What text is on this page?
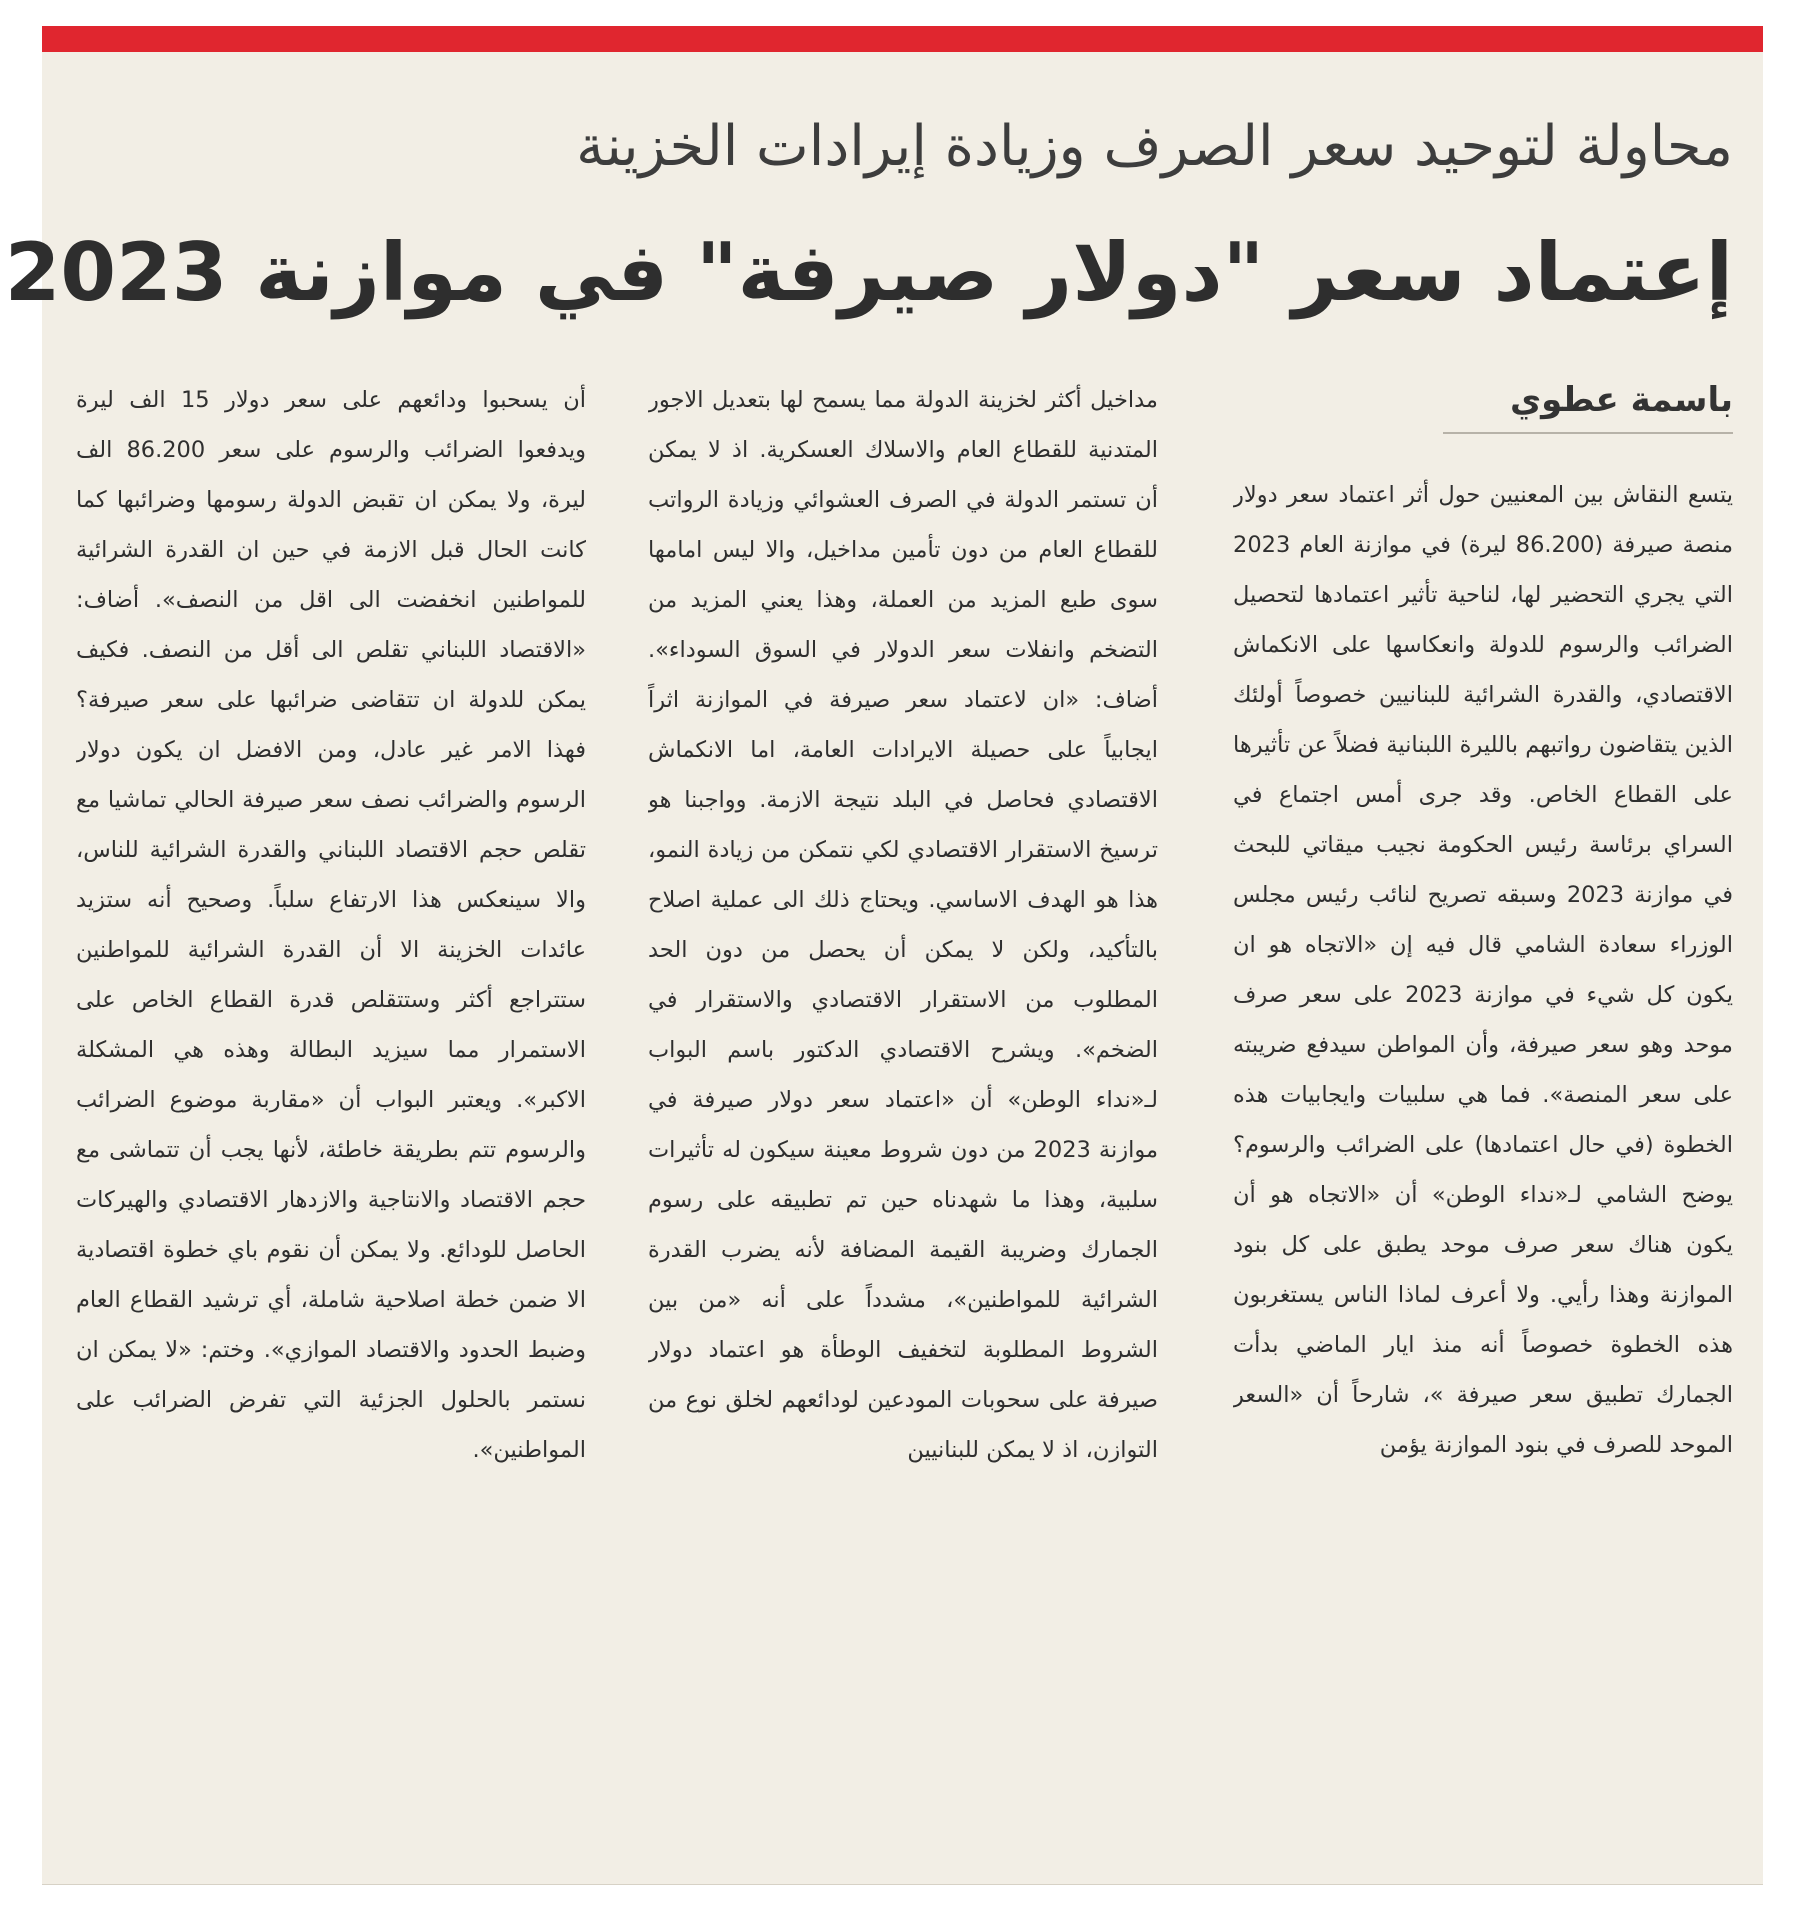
محاولة لتوحيد سعر الصرف وزيادة إيرادات الخزينة
إعتماد سعر "دولار صيرفة" في موازنة 2023
باسمة عطوي
يتسع النقاش بين المعنيين حول أثر اعتماد سعر دولار منصة صيرفة (86.200 ليرة) في موازنة العام 2023 التي يجري التحضير لها، لناحية تأثير اعتمادها لتحصيل الضرائب والرسوم للدولة وانعكاسها على الانكماش الاقتصادي، والقدرة الشرائية للبنانيين خصوصاً أولئك الذين يتقاضون رواتبهم بالليرة اللبنانية فضلاً عن تأثيرها على القطاع الخاص. وقد جرى أمس اجتماع في السراي برئاسة رئيس الحكومة نجيب ميقاتي للبحث في موازنة 2023 وسبقه تصريح لنائب رئيس مجلس الوزراء سعادة الشامي قال فيه إن «الاتجاه هو ان يكون كل شيء في موازنة 2023 على سعر صرف موحد وهو سعر صيرفة، وأن المواطن سيدفع ضريبته على سعر المنصة». فما هي سلبيات وايجابيات هذه الخطوة (في حال اعتمادها) على الضرائب والرسوم؟ يوضح الشامي لـ«نداء الوطن» أن «الاتجاه هو أن يكون هناك سعر صرف موحد يطبق على كل بنود الموازنة وهذا رأيي. ولا أعرف لماذا الناس يستغربون هذه الخطوة خصوصاً أنه منذ ايار الماضي بدأت الجمارك تطبيق سعر صيرفة »، شارحاً أن «السعر الموحد للصرف في بنود الموازنة يؤمن
مداخيل أكثر لخزينة الدولة مما يسمح لها بتعديل الاجور المتدنية للقطاع العام والاسلاك العسكرية. اذ لا يمكن أن تستمر الدولة في الصرف العشوائي وزيادة الرواتب للقطاع العام من دون تأمين مداخيل، والا ليس امامها سوى طبع المزيد من العملة، وهذا يعني المزيد من التضخم وانفلات سعر الدولار في السوق السوداء». أضاف: «ان لاعتماد سعر صيرفة في الموازنة اثراً ايجابياً على حصيلة الايرادات العامة، اما الانكماش الاقتصادي فحاصل في البلد نتيجة الازمة. وواجبنا هو ترسيخ الاستقرار الاقتصادي لكي نتمكن من زيادة النمو، هذا هو الهدف الاساسي. ويحتاج ذلك الى عملية اصلاح بالتأكيد، ولكن لا يمكن أن يحصل من دون الحد المطلوب من الاستقرار الاقتصادي والاستقرار في الضخم». ويشرح الاقتصادي الدكتور باسم البواب لـ«نداء الوطن» أن «اعتماد سعر دولار صيرفة في موازنة 2023 من دون شروط معينة سيكون له تأثيرات سلبية، وهذا ما شهدناه حين تم تطبيقه على رسوم الجمارك وضريبة القيمة المضافة لأنه يضرب القدرة الشرائية للمواطنين»، مشدداً على أنه «من بين الشروط المطلوبة لتخفيف الوطأة هو اعتماد دولار صيرفة على سحوبات المودعين لودائعهم لخلق نوع من التوازن، اذ لا يمكن للبنانيين
أن يسحبوا ودائعهم على سعر دولار 15 الف ليرة ويدفعوا الضرائب والرسوم على سعر 86.200 الف ليرة، ولا يمكن ان تقبض الدولة رسومها وضرائبها كما كانت الحال قبل الازمة في حين ان القدرة الشرائية للمواطنين انخفضت الى اقل من النصف». أضاف: «الاقتصاد اللبناني تقلص الى أقل من النصف. فكيف يمكن للدولة ان تتقاضى ضرائبها على سعر صيرفة؟ فهذا الامر غير عادل، ومن الافضل ان يكون دولار الرسوم والضرائب نصف سعر صيرفة الحالي تماشيا مع تقلص حجم الاقتصاد اللبناني والقدرة الشرائية للناس، والا سينعكس هذا الارتفاع سلباً. وصحيح أنه ستزيد عائدات الخزينة الا أن القدرة الشرائية للمواطنين ستتراجع أكثر وستتقلص قدرة القطاع الخاص على الاستمرار مما سيزيد البطالة وهذه هي المشكلة الاكبر». ويعتبر البواب أن «مقاربة موضوع الضرائب والرسوم تتم بطريقة خاطئة، لأنها يجب أن تتماشى مع حجم الاقتصاد والانتاجية والازدهار الاقتصادي والهيركات الحاصل للودائع. ولا يمكن أن نقوم باي خطوة اقتصادية الا ضمن خطة اصلاحية شاملة، أي ترشيد القطاع العام وضبط الحدود والاقتصاد الموازي». وختم: «لا يمكن ان نستمر بالحلول الجزئية التي تفرض الضرائب على المواطنين».
